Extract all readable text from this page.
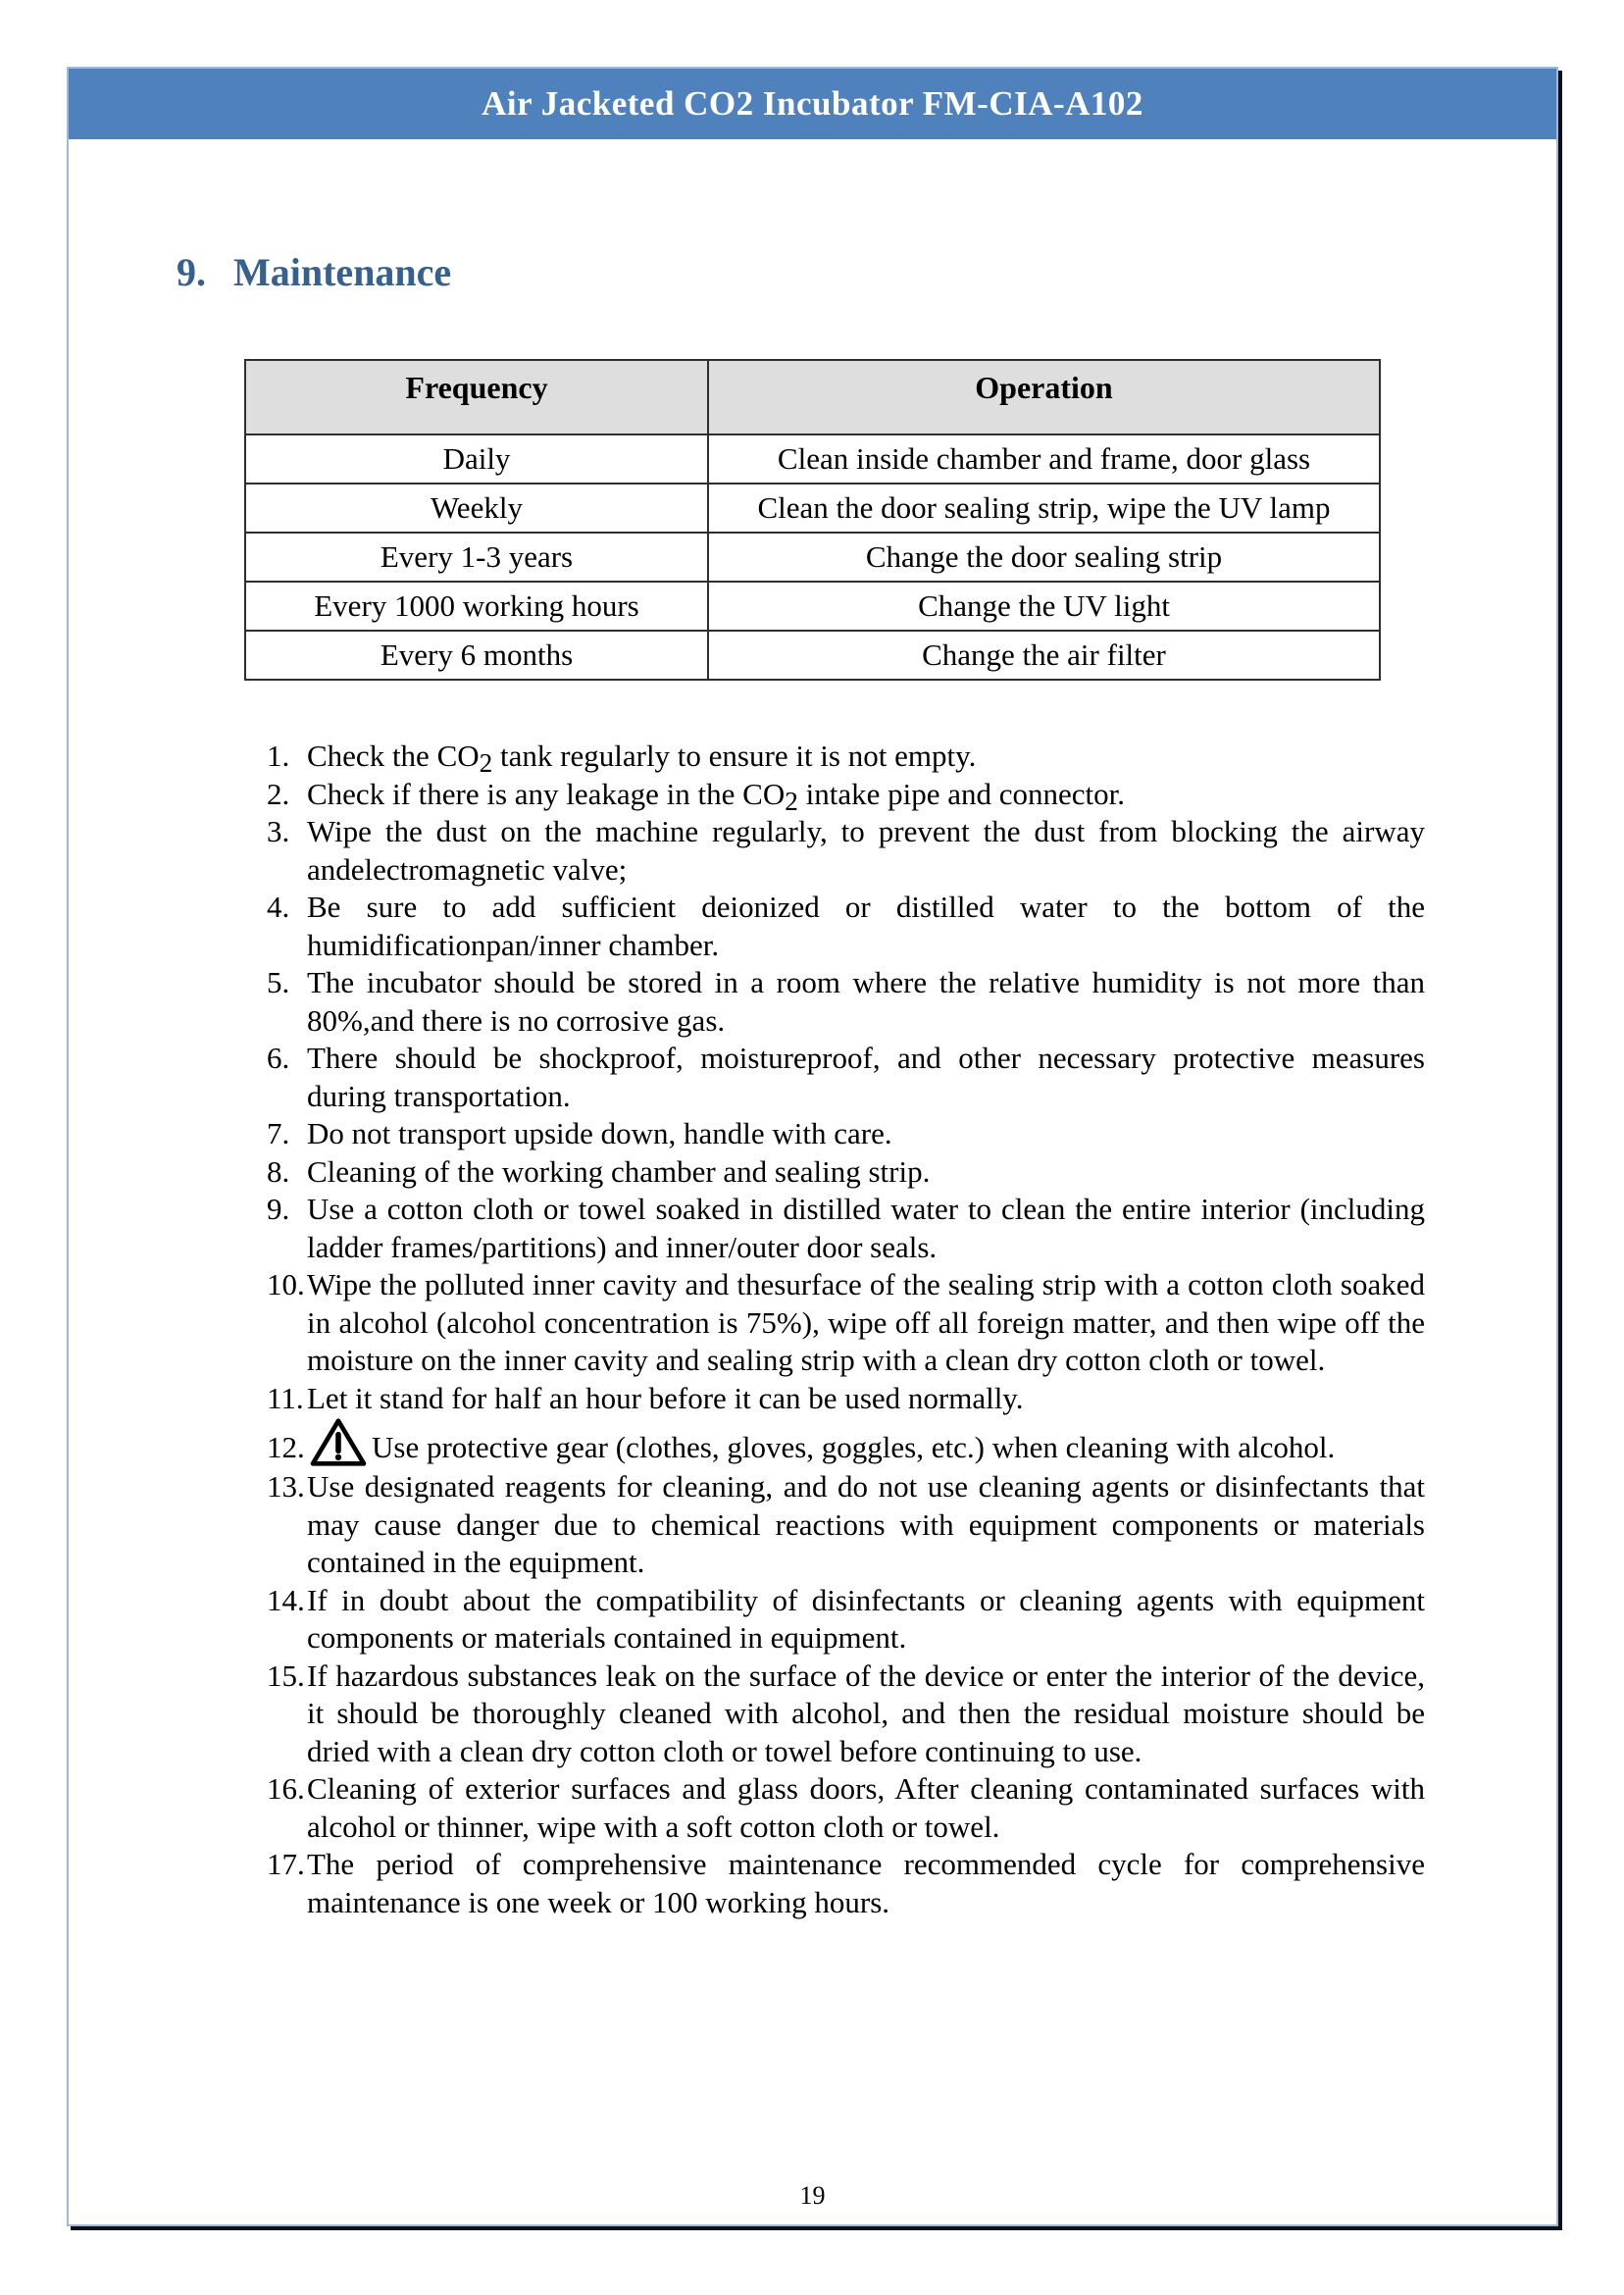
Air Jacketed CO2 Incubator FM-CIA-A102
9. Maintenance
Frequency	Operation
Daily	Clean inside chamber and frame, door glass
Weekly	Clean the door sealing strip, wipe the UV lamp
Every 1-3 years	Change the door sealing strip
Every 1000 working hours	Change the UV light
Every 6 months	Change the air filter
1. Check the $CO_2$ tank regularly to ensure it is not empty.
2. Check if there is any leakage in the $CO_2$ intake pipe and connector.
3. Wipe the dust on the machine regularly, to prevent the dust from blocking the airway andelectromagnetic valve;
4. Be sure to add sufficient deionized or distilled water to the bottom of the humidificationpan/inner chamber.
5. The incubator should be stored in a room where the relative humidity is not more than 80%,and there is no corrosive gas.
6. There should be shockproof, moistureproof, and other necessary protective measures during transportation.
7. Do not transport upside down, handle with care.
8. Cleaning of the working chamber and sealing strip.
9. Use a cotton cloth or towel soaked in distilled water to clean the entire interior (including ladder frames/partitions) and inner/outer door seals.
10.Wipe the polluted inner cavity and thesurface of the sealing strip with a cotton cloth soaked in alcohol (alcohol concentration is 75%), wipe off all foreign matter, and then wipe off the moisture on the inner cavity and sealing strip with a clean dry cotton cloth or towel.
11. Let it stand for half an hour before it can be used normally.
12. Use protective gear (clothes, gloves, goggles, etc.) when cleaning with alcohol.
13.Use designated reagents for cleaning, and do not use cleaning agents or disinfectants that may cause danger due to chemical reactions with equipment components or materials contained in the equipment.
14.If in doubt about the compatibility of disinfectants or cleaning agents with equipment components or materials contained in equipment.
15.If hazardous substances leak on the surface of the device or enter the interior of the device, it should be thoroughly cleaned with alcohol, and then the residual moisture should be dried with a clean dry cotton cloth or towel before continuing to use.
16.Cleaning of exterior surfaces and glass doors, After cleaning contaminated surfaces with alcohol or thinner, wipe with a soft cotton cloth or towel.
17.The period of comprehensive maintenance recommended cycle for comprehensive maintenance is one week or 100 working hours.
19
